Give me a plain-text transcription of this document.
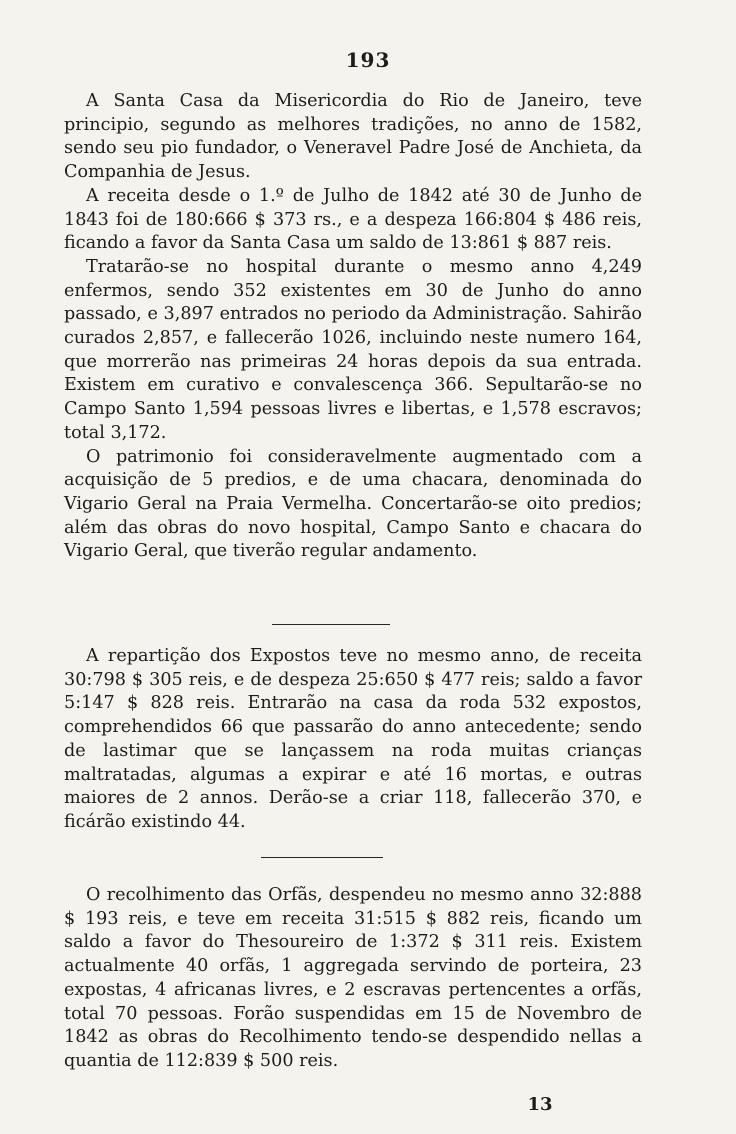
193

A Santa Casa da Misericordia do Rio de Janeiro, teve principio, segundo as melhores tradições, no anno de 1582, sendo seu pio fundador, o Veneravel Padre José de Anchieta, da Companhia de Jesus.

A receita desde o 1.º de Julho de 1842 até 30 de Junho de 1843 foi de 180:666 $ 373 rs., e a despeza 166:804 $ 486 reis, ficando a favor da Santa Casa um saldo de 13:861 $ 887 reis.

Tratarão-se no hospital durante o mesmo anno 4,249 enfermos, sendo 352 existentes em 30 de Junho do anno passado, e 3,897 entrados no periodo da Administração. Sahirão curados 2,857, e fallecerão 1026, incluindo neste numero 164, que morrerão nas primeiras 24 horas depois da sua entrada. Existem em curativo e convalescença 366. Sepultarão-se no Campo Santo 1,594 pessoas livres e libertas, e 1,578 escravos; total 3,172.

O patrimonio foi consideravelmente augmentado com a acquisição de 5 predios, e de uma chacara, denominada do Vigario Geral na Praia Vermelha. Concertarão-se oito predios; além das obras do novo hospital, Campo Santo e chacara do Vigario Geral, que tiverão regular andamento.

A repartição dos Expostos teve no mesmo anno, de receita 30:798 $ 305 reis, e de despeza 25:650 $ 477 reis; saldo a favor 5:147 $ 828 reis. Entrarão na casa da roda 532 expostos, comprehendidos 66 que passarão do anno antecedente; sendo de lastimar que se lançassem na roda muitas crianças maltratadas, algumas a expirar e até 16 mortas, e outras maiores de 2 annos. Derão-se a criar 118, fallecerão 370, e ficárão existindo 44.

O recolhimento das Orfãs, despendeu no mesmo anno 32:888 $ 193 reis, e teve em receita 31:515 $ 882 reis, ficando um saldo a favor do Thesoureiro de 1:372 $ 311 reis. Existem actualmente 40 orfãs, 1 aggregada servindo de porteira, 23 expostas, 4 africanas livres, e 2 escravas pertencentes a orfãs, total 70 pessoas. Forão suspendidas em 15 de Novembro de 1842 as obras do Recolhimento tendo-se despendido nellas a quantia de 112:839 $ 500 reis.

13
